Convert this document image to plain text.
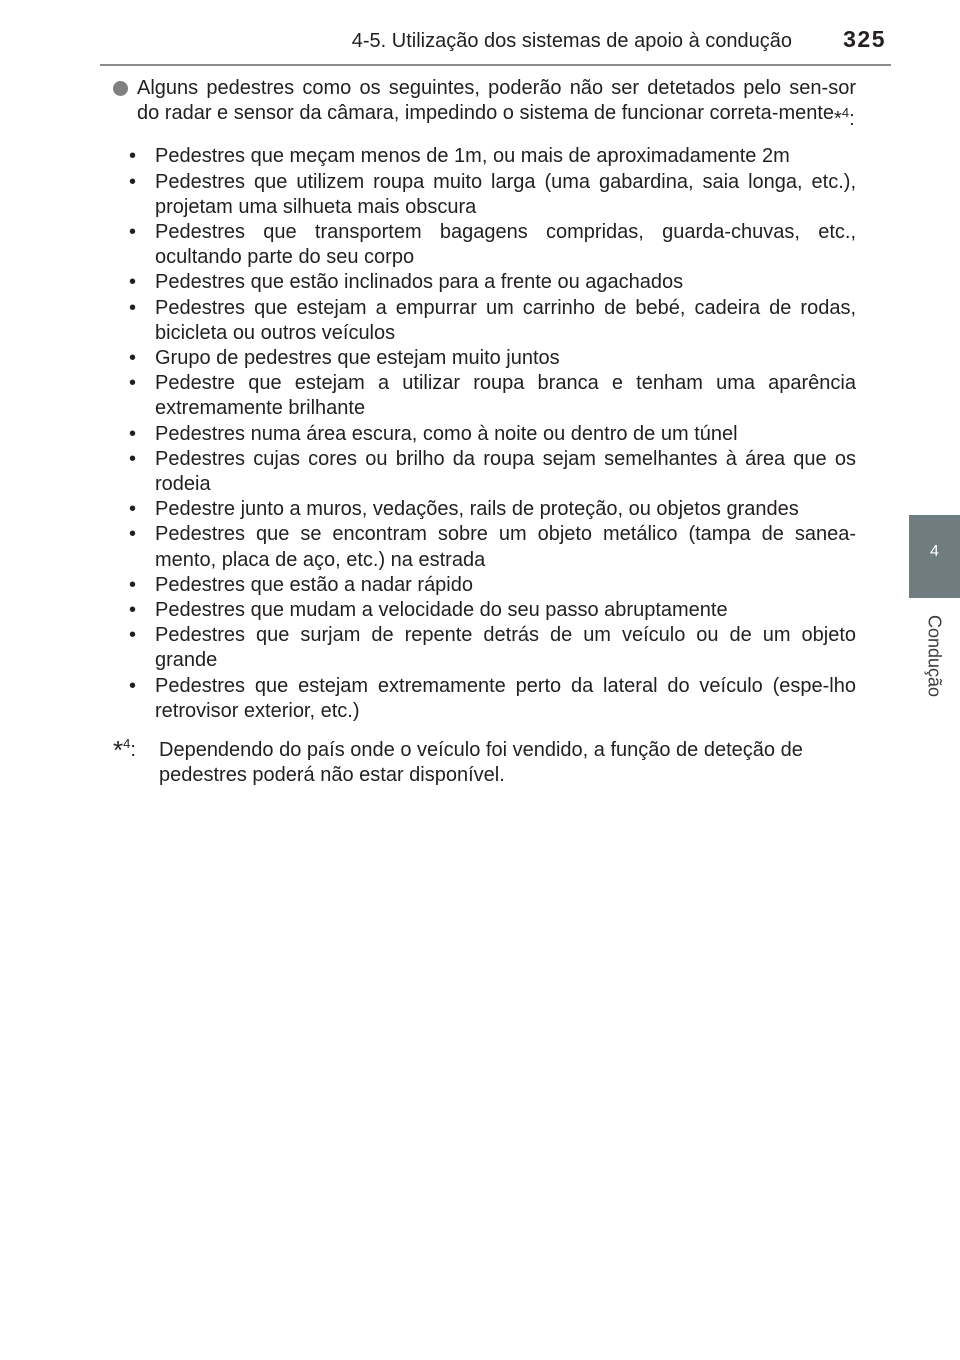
4-5. Utilização dos sistemas de apoio à condução 325
4
Condução
Alguns pedestres como os seguintes, poderão não ser detetados pelo sen-sor do radar e sensor da câmara, impedindo o sistema de funcionar correta-mente*$^4$:
• Pedestres que meçam menos de 1m, ou mais de aproximadamente 2m
• Pedestres que utilizem roupa muito larga (uma gabardina, saia longa, etc.), projetam uma silhueta mais obscura
• Pedestres que transportem bagagens compridas, guarda-chuvas, etc., ocultando parte do seu corpo
• Pedestres que estão inclinados para a frente ou agachados
• Pedestres que estejam a empurrar um carrinho de bebé, cadeira de rodas, bicicleta ou outros veículos
• Grupo de pedestres que estejam muito juntos
• Pedestre que estejam a utilizar roupa branca e tenham uma aparência extremamente brilhante
• Pedestres numa área escura, como à noite ou dentro de um túnel
• Pedestres cujas cores ou brilho da roupa sejam semelhantes à área que os rodeia
• Pedestre junto a muros, vedações, rails de proteção, ou objetos grandes
• Pedestres que se encontram sobre um objeto metálico (tampa de sanea-mento, placa de aço, etc.) na estrada
• Pedestres que estão a nadar rápido
• Pedestres que mudam a velocidade do seu passo abruptamente
• Pedestres que surjam de repente detrás de um veículo ou de um objeto grande
• Pedestres que estejam extremamente perto da lateral do veículo (espe-lho retrovisor exterior, etc.)
*$^4$: Dependendo do país onde o veículo foi vendido, a função de deteção de pedestres poderá não estar disponível.
